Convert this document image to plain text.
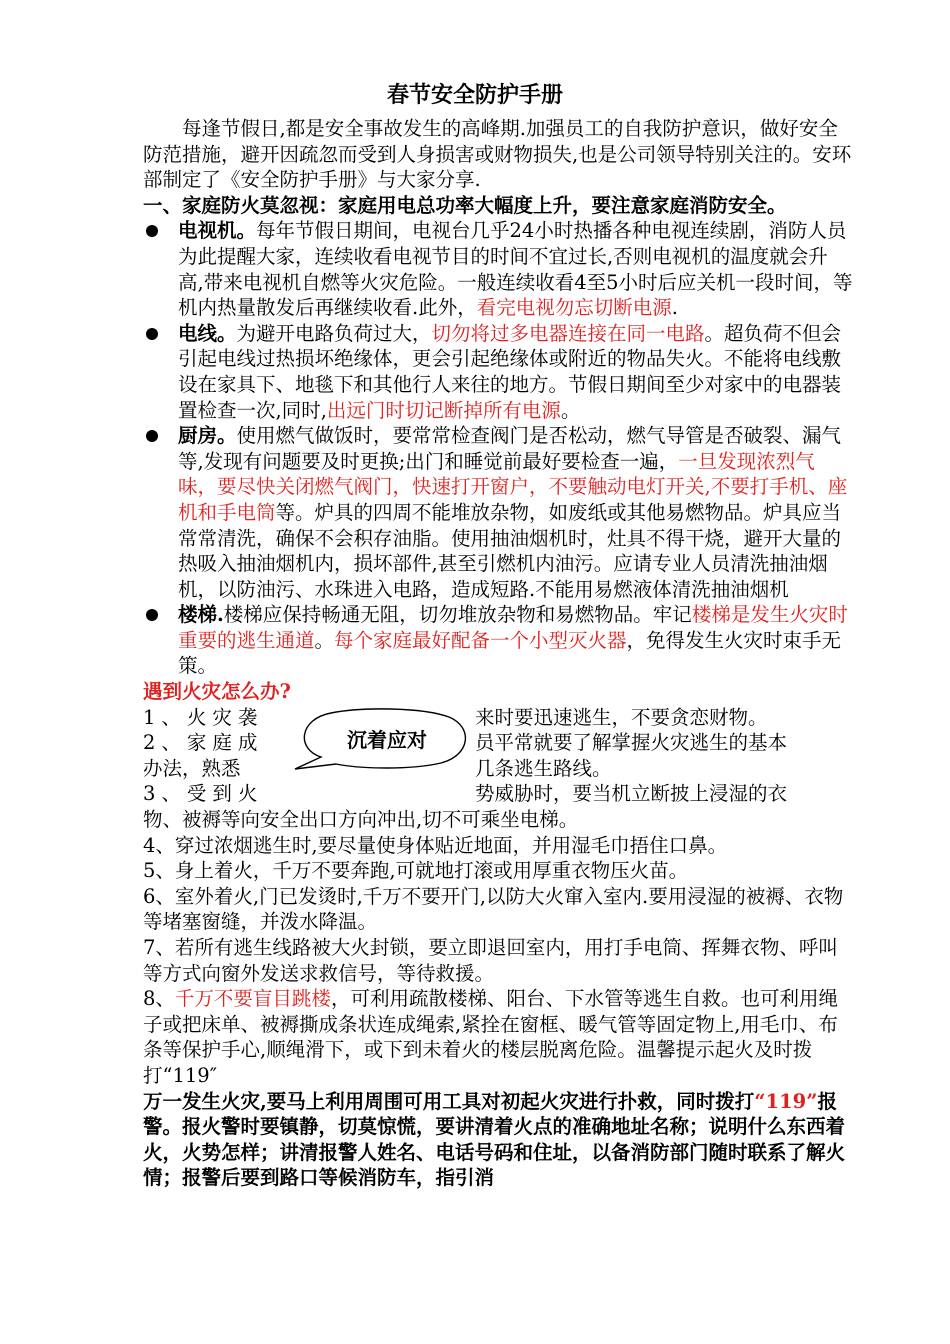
春节安全防护手册

每逢节假日,都是安全事故发生的高峰期.加强员工的自我防护意识，做好安全防范措施，避开因疏忽而受到人身损害或财物损失,也是公司领导特别关注的。安环部制定了《安全防护手册》与大家分享.

一、家庭防火莫忽视：家庭用电总功率大幅度上升，要注意家庭消防安全。

电视机。每年节假日期间，电视台几乎24小时热播各种电视连续剧，消防人员为此提醒大家，连续收看电视节目的时间不宜过长,否则电视机的温度就会升高,带来电视机自燃等火灾危险。一般连续收看4至5小时后应关机一段时间，等机内热量散发后再继续收看.此外，看完电视勿忘切断电源.
电线。为避开电路负荷过大，切勿将过多电器连接在同一电路。超负荷不但会引起电线过热损坏绝缘体，更会引起绝缘体或附近的物品失火。不能将电线敷设在家具下、地毯下和其他行人来往的地方。节假日期间至少对家中的电器装置检查一次,同时,出远门时切记断掉所有电源。
厨房。使用燃气做饭时，要常常检查阀门是否松动，燃气导管是否破裂、漏气等,发现有问题要及时更换;出门和睡觉前最好要检查一遍，一旦发现浓烈气味，要尽快关闭燃气阀门，快速打开窗户，不要触动电灯开关,不要打手机、座机和手电筒等。炉具的四周不能堆放杂物，如废纸或其他易燃物品。炉具应当常常清洗，确保不会积存油脂。使用抽油烟机时，灶具不得干烧，避开大量的热吸入抽油烟机内，损坏部件,甚至引燃机内油污。应请专业人员清洗抽油烟机，以防油污、水珠进入电路，造成短路.不能用易燃液体清洗抽油烟机
楼梯.楼梯应保持畅通无阻，切勿堆放杂物和易燃物品。牢记楼梯是发生火灾时重要的逃生通道。每个家庭最好配备一个小型灭火器，免得发生火灾时束手无策。

遇到火灾怎么办?

1、火灾袭	来时要迅速逃生，不要贪恋财物。
2、家庭成	员平常就要了解掌握火灾逃生的基本
办法，熟悉	几条逃生路线。
3、受到火	势威胁时，要当机立断披上浸湿的衣
沉着应对

物、被褥等向安全出口方向冲出,切不可乘坐电梯。

4、穿过浓烟逃生时,要尽量使身体贴近地面，并用湿毛巾捂住口鼻。

5、身上着火，千万不要奔跑,可就地打滚或用厚重衣物压火苗。

6、室外着火,门已发烫时,千万不要开门,以防大火窜入室内.要用浸湿的被褥、衣物等堵塞窗缝，并泼水降温。

7、若所有逃生线路被大火封锁，要立即退回室内，用打手电筒、挥舞衣物、呼叫等方式向窗外发送求救信号，等待救援。

8、千万不要盲目跳楼，可利用疏散楼梯、阳台、下水管等逃生自救。也可利用绳子或把床单、被褥撕成条状连成绳索,紧拴在窗框、暖气管等固定物上,用毛巾、布条等保护手心,顺绳滑下，或下到未着火的楼层脱离危险。温馨提示起火及时拨打“119″

万一发生火灾,要马上利用周围可用工具对初起火灾进行扑救，同时拨打“119”报警。报火警时要镇静，切莫惊慌，要讲清着火点的准确地址名称；说明什么东西着火，火势怎样；讲清报警人姓名、电话号码和住址，以备消防部门随时联系了解火情；报警后要到路口等候消防车，指引消
